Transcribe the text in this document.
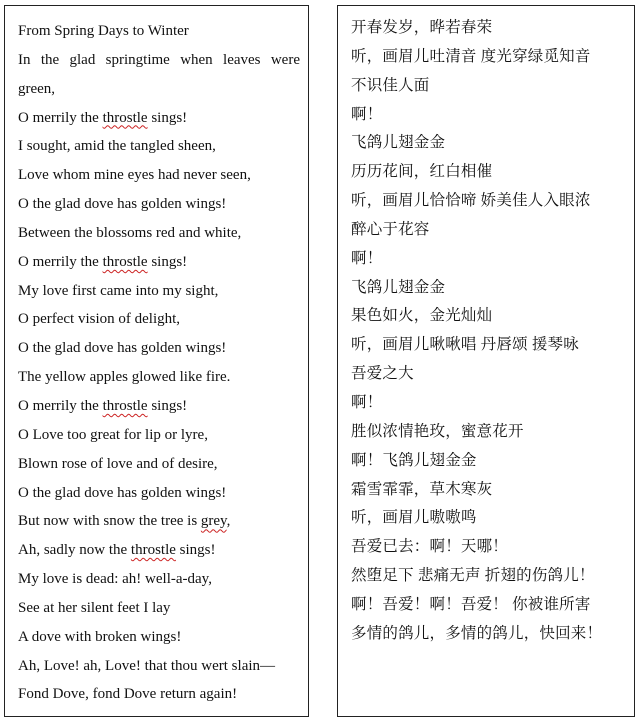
From Spring Days to Winter
In the glad springtime when leaves were
green,
O merrily the throstle sings!
I sought, amid the tangled sheen,
Love whom mine eyes had never seen,
O the glad dove has golden wings!
Between the blossoms red and white,
O merrily the throstle sings!
My love first came into my sight,
O perfect vision of delight,
O the glad dove has golden wings!
The yellow apples glowed like fire.
O merrily the throstle sings!
O Love too great for lip or lyre,
Blown rose of love and of desire,
O the glad dove has golden wings!
But now with snow the tree is grey,
Ah, sadly now the throstle sings!
My love is dead: ah! well-a-day,
See at her silent feet I lay
A dove with broken wings!
Ah, Love! ah, Love! that thou wert slain—
Fond Dove, fond Dove return again!
开春发岁，晔若春荣
听，画眉儿吐清音 度光穿绿觅知音
不识佳人面
啊！
飞鸽儿翅金金
历历花间，红白相催
听，画眉儿恰恰啼 娇美佳人入眼浓
醉心于花容
啊！
飞鸽儿翅金金
果色如火，金光灿灿
听，画眉儿啾啾唱 丹唇颂 援琴咏
吾爱之大
啊！
胜似浓情艳玫，蜜意花开
啊！飞鸽儿翅金金
霜雪霏霏，草木寒灰
听，画眉儿嗷嗷鸣
吾爱已去：啊！天哪！
然堕足下 悲痛无声 折翅的伤鸽儿！
啊！吾爱！啊！吾爱！ 你被谁所害
多情的鸽儿，多情的鸽儿，快回来！
